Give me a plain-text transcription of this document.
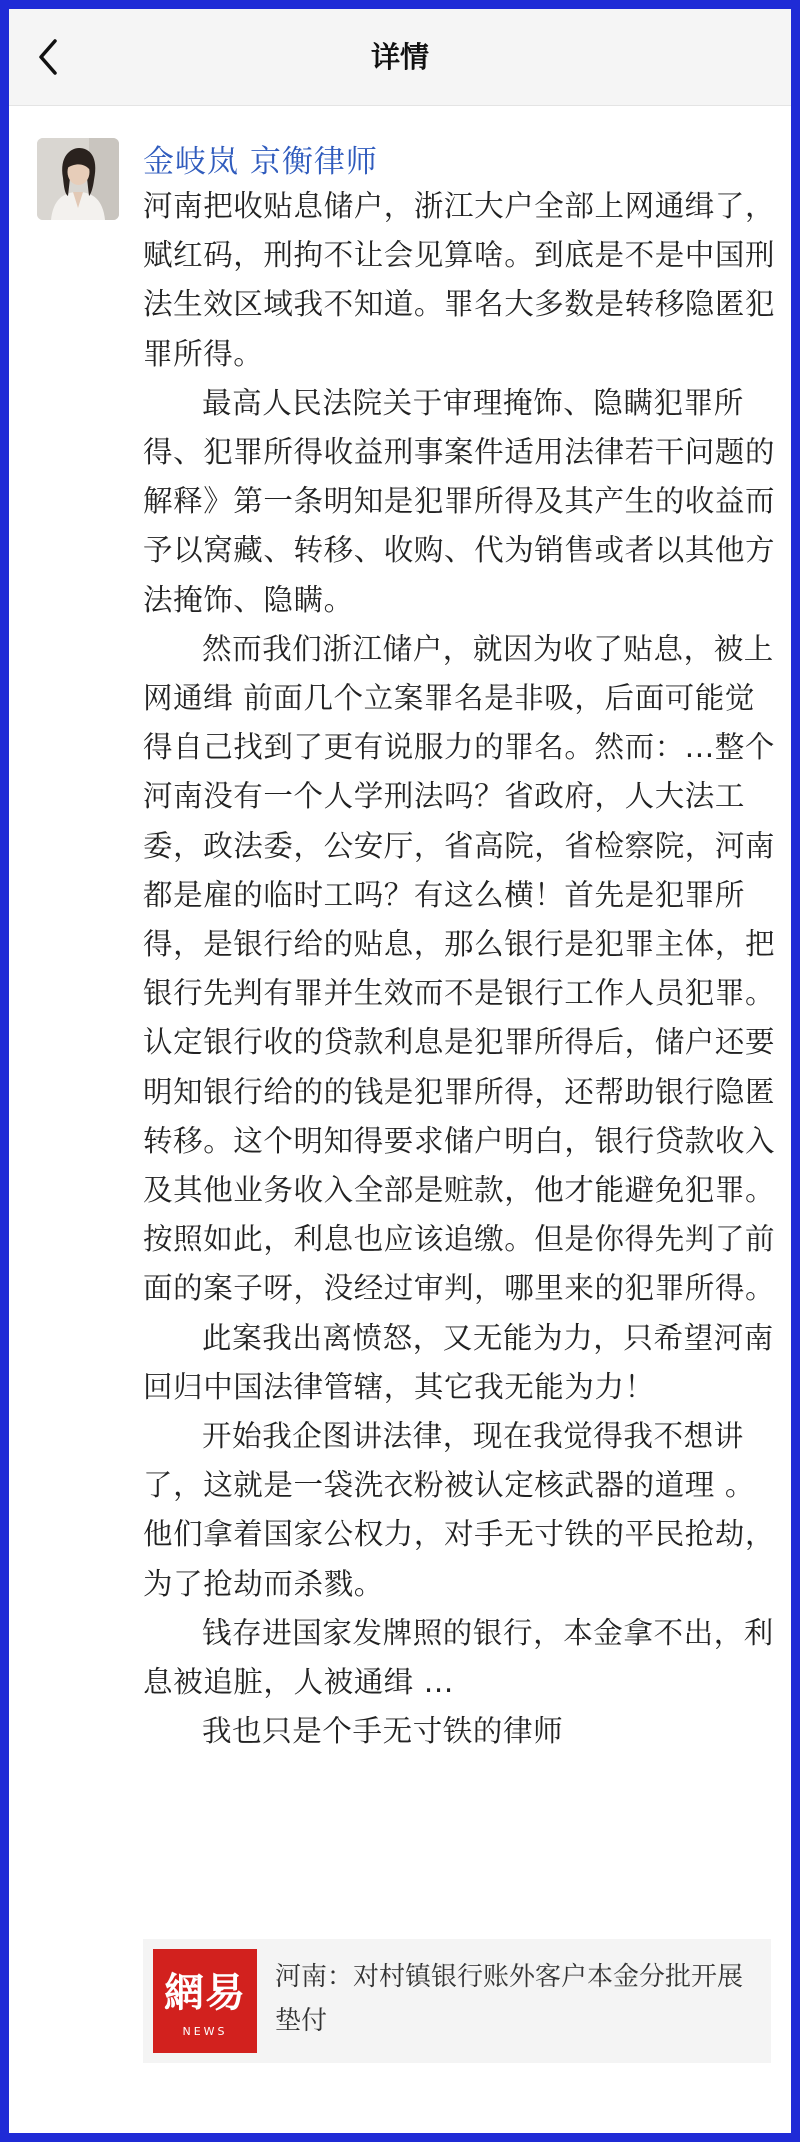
详情
金岐岚 京衡律师

河南把收贴息储户，浙江大户全部上网通缉了，赋红码，刑拘不让会见算啥。到底是不是中国刑法生效区域我不知道。罪名大多数是转移隐匿犯罪所得。

最高人民法院关于审理掩饰、隐瞒犯罪所得、犯罪所得收益刑事案件适用法律若干问题的解释》第一条明知是犯罪所得及其产生的收益而予以窝藏、转移、收购、代为销售或者以其他方法掩饰、隐瞒。

然而我们浙江储户，就因为收了贴息，被上网通缉 前面几个立案罪名是非吸，后面可能觉得自己找到了更有说服力的罪名。然而：...整个河南没有一个人学刑法吗？省政府，人大法工委，政法委，公安厅，省高院，省检察院，河南都是雇的临时工吗？有这么横！首先是犯罪所得，是银行给的贴息，那么银行是犯罪主体，把银行先判有罪并生效而不是银行工作人员犯罪。认定银行收的贷款利息是犯罪所得后，储户还要明知银行给的的钱是犯罪所得，还帮助银行隐匿转移。这个明知得要求储户明白，银行贷款收入及其他业务收入全部是赃款，他才能避免犯罪。按照如此，利息也应该追缴。但是你得先判了前面的案子呀，没经过审判，哪里来的犯罪所得。

此案我出离愤怒，又无能为力，只希望河南回归中国法律管辖，其它我无能为力！

开始我企图讲法律，现在我觉得我不想讲了，这就是一袋洗衣粉被认定核武器的道理 。他们拿着国家公权力，对手无寸铁的平民抢劫，为了抢劫而杀戮。

钱存进国家发牌照的银行，本金拿不出，利息被追脏，人被通缉 ...

我也只是个手无寸铁的律师

網易
NEWS
河南：对村镇银行账外客户本金分批开展垫付
